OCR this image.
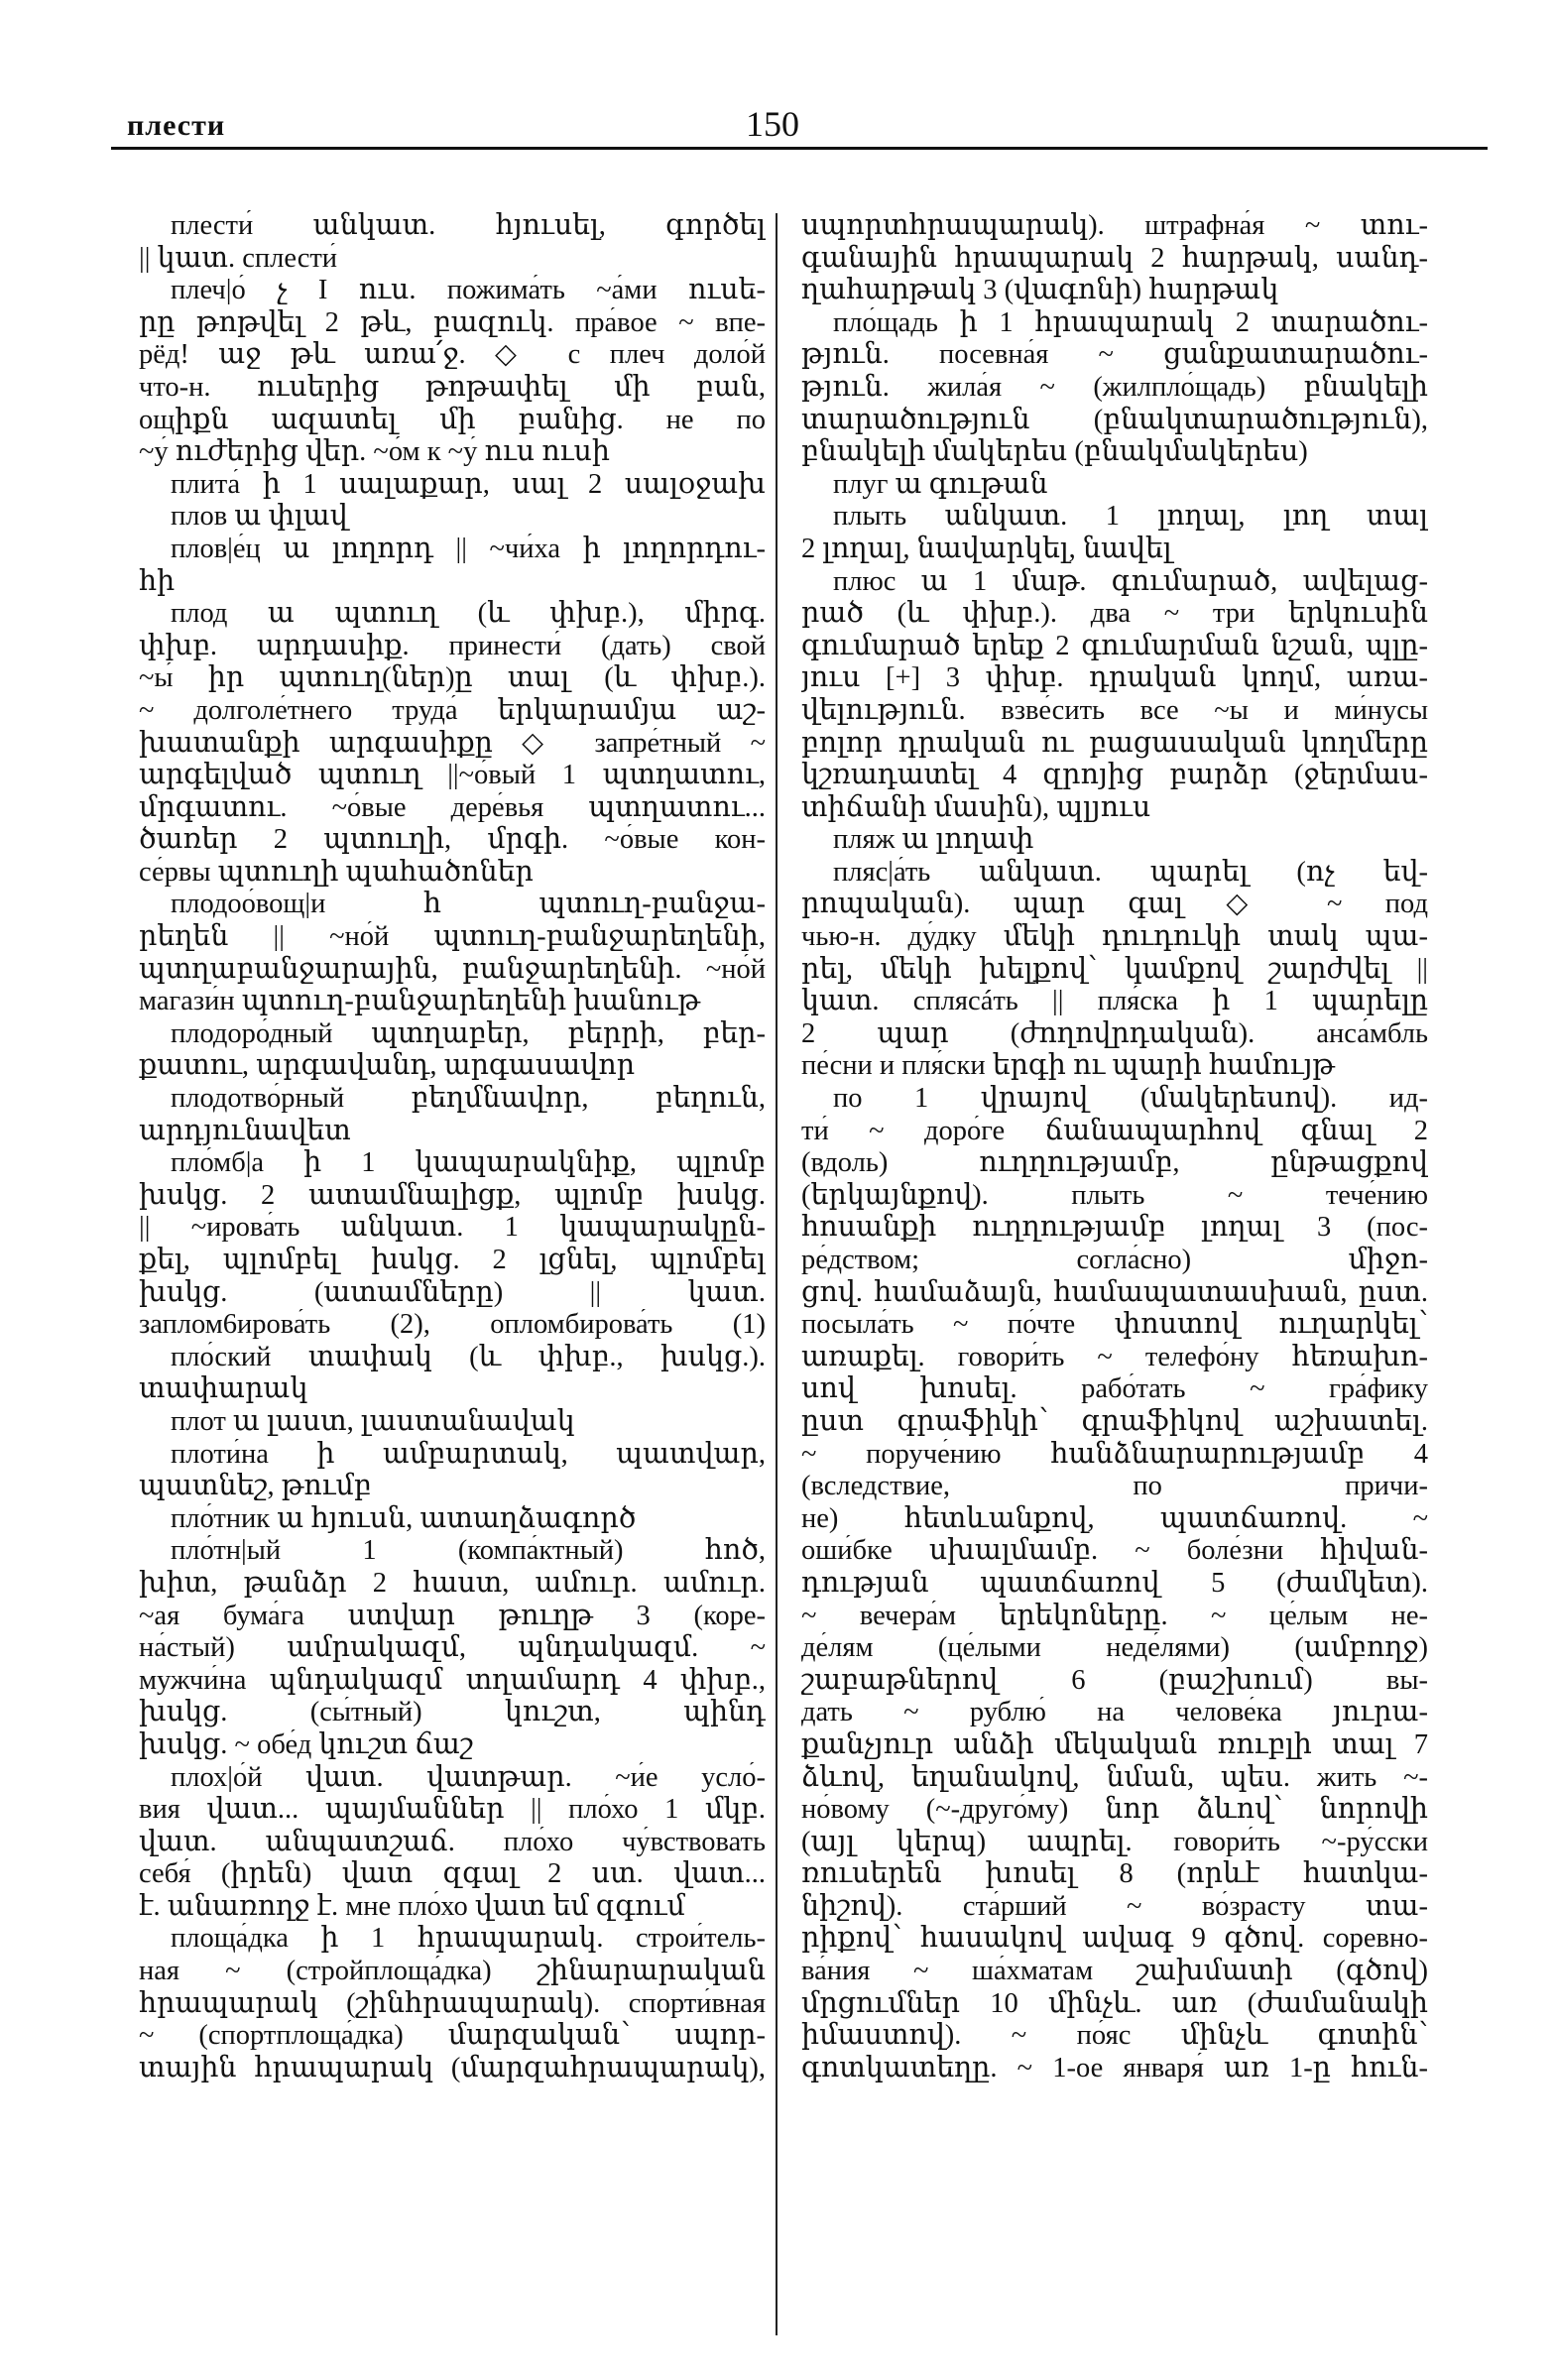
плести	150
плести́ անկատ. հյուսել, գործել
|| կատ. сплести́
плеч|о́ չ I ուս. пожима́ть ~а́ми ուսե-
րը թոթվել 2 թև, բազուկ. пра́вое ~ впе-
рёд! աջ թև առա՛ջ. ◇ с плеч доло́й
что-н. ուսերից թոթափել մի բան,
ощիքն ազատել մի բանից. не по
~у́ ուժերից վեր. ~о́м к ~у́ ուս ուսի
плита́ ի 1 սալաքար, սալ 2 սալօջախ
плов ա փլավ
плов|е́ц ա լողորդ || ~чи́ха ի լողորդու-
հի
плод ա պտուղ (և փխբ.), միրգ.
փխբ. արդասիք. принести́ (дать) свой
~ы́ իր պտուղ(ներ)ը տալ (և փխբ.).
~ долголе́тнего труда́ երկարամյա աշ-
խատանքի արգասիքը ◇ запре́тный ~
արգելված պտուղ ||~о́вый 1 պտղատու,
մրգատու. ~о́вые дере́вья պտղատու...
ծառեր 2 պտուղի, մրգի. ~о́вые кон-
се́рвы պտուղի պահածոներ
плодоо́вощ|и հ պտուղ-բանջա-
րեղեն || ~но́й պտուղ-բանջարեղենի,
պտղաբանջարային, բանջարեղենի. ~но́й
магази́н պտուղ-բանջարեղենի խանութ
плодоро́дный պտղաբեր, բերրի, բեր-
քատու, արգավանդ, արգասավոր
плодотво́рный բեղմնավոր, բեղուն,
արդյունավետ
пло́мб|а ի 1 կապարակնիք, պլոմբ
խսկց. 2 ատամնալիցք, պլոմբ խսկց.
|| ~ирова́ть անկատ. 1 կապարակըն-
քել, պլոմբել խսկց. 2 լցնել, պլոմբել
խսկց. (ատամները) || կատ.
заплом6ирова́ть (2), опломбирова́ть (1)
пло́ский տափակ (և փխբ., խսկց.).
տափարակ
плот ա լաստ, լաստանավակ
плоти́на ի ամբարտակ, պատվար,
պատնեշ, թումբ
пло́тник ա հյուսն, ատաղձագործ
пло́тн|ый 1 (компа́ктный) հոծ,
խիտ, թանձր 2 հաստ, ամուր. ամուր.
~ая бума́га ստվար թուղթ 3 (коре-
на́стый) ամրակազմ, պնդակազմ. ~
мужчи́на պնդակազմ տղամարդ 4 փխբ.,
խսկց. (сы́тный) կուշտ, պինդ
խսկց. ~ обе́д կուշտ ճաշ
плох|о́й վատ. վատթար. ~и́е усло́-
вия վատ... պայմաններ || пло́хо 1 մկբ.
վատ. անպատշաճ. пло́хо чу́вствовать
себя́ (իրեն) վատ զգալ 2 ստ. վատ...
է. անառողջ է. мне пло́хо վատ եմ զգում
площа́дка ի 1 հրապարակ. строи́тель-
ная ~ (стройплоща́дка) շինարարական
հրապարակ (շինհրապարակ). спорти́вная
~ (спортплоща́дка) մարզական՝ սպոր-
տային հրապարակ (մարզահրապարակ),
սպորտհրապարակ). штрафна́я ~ տու-
գանային հրապարակ 2 հարթակ, սանդ-
ղահարթակ 3 (վագոնի) հարթակ
пло́щадь ի 1 հրապարակ 2 տարածու-
թյուն. посевна́я ~ ցանքատարածու-
թյուն. жила́я ~ (жилпло́щадь) բնակելի
տարածություն (բնակտարածություն),
բնակելի մակերես (բնակմակերես)
плуг ա գութան
плыть անկատ. 1 լողալ, լող տալ
2 լողալ, նավարկել, նավել
плюс ա 1 մաթ. գումարած, ավելաց-
րած (և փխբ.). два ~ три երկուսին
գումարած երեք 2 գումարման նշան, պլը-
յուս [+] 3 փխբ. դրական կողմ, առա-
վելություն. взве́сить все ~ы и ми́нусы
բոլոր դրական ու բացասական կողմերը
կշռադատել 4 զրոյից բարձր (ջերմաս-
տիճանի մասին), պլյուս
пляж ա լողափ
пляс|а́ть անկատ. պարել (ոչ եվ-
րոպական). պար գալ ◇ ~ под
чью-н. ду́дку մեկի դուդուկի տակ պա-
րել, մեկի խելքով՝ կամքով շարժվել ||
կատ. сплясáть || пля́ска ի 1 պարելը
2 պար (ժողովրդական). анса́мбль
пе́сни и пля́ски երգի ու պարի համույթ
по 1 վրայով (մակերեսով). ид-
ти́ ~ доро́ге ճանապարհով գնալ 2
(вдоль) ուղղությամբ, ընթացքով
(երկայնքով). плыть ~ тече́нию
հոսանքի ուղղությամբ լողալ 3 (пос-
ре́дством; согла́сно) միջո-
ցով. համաձայն, համապատասխան, ըստ.
посыла́ть ~ по́чте փոստով ուղարկել՝
առաքել. говори́ть ~ телефо́ну հեռախո-
սով խոսել. рабо́тать ~ гра́фику
ըստ գրաֆիկի՝ գրաֆիկով աշխատել.
~ поруче́нию հանձնարարությամբ 4
(вследствие, по причи-
не) հետևանքով, պատճառով. ~
оши́бке սխալմամբ. ~ боле́зни հիվան-
դության պատճառով 5 (ժամկետ).
~ вечера́м երեկոները. ~ це́лым не-
де́лям (це́лыми неде́лями) (ամբողջ)
շաբաթներով 6 (բաշխում) вы-
дать ~ рублю́ на челове́ка յուրա-
քանչյուր անձի մեկական ռուբլի տալ 7
ձևով, եղանակով, նման, պես. жить ~-
но́вому (~-друго́му) նոր ձևով՝ նորովի
(այլ կերպ) ապրել. говори́ть ~-ру́сски
ռուսերեն խոսել 8 (որևէ հատկա-
նիշով). ста́рший ~ во́зрасту տա-
րիքով՝ հասակով ավագ 9 գծով. соревно-
ва́ния ~ ша́хматам շախմատի (գծով)
մրցումներ 10 մինչև. առ (ժամանակի
իմաստով). ~ по́яс մինչև գոտին՝
գոտկատեղը. ~ 1-ое января́ առ 1-ը հուն-
